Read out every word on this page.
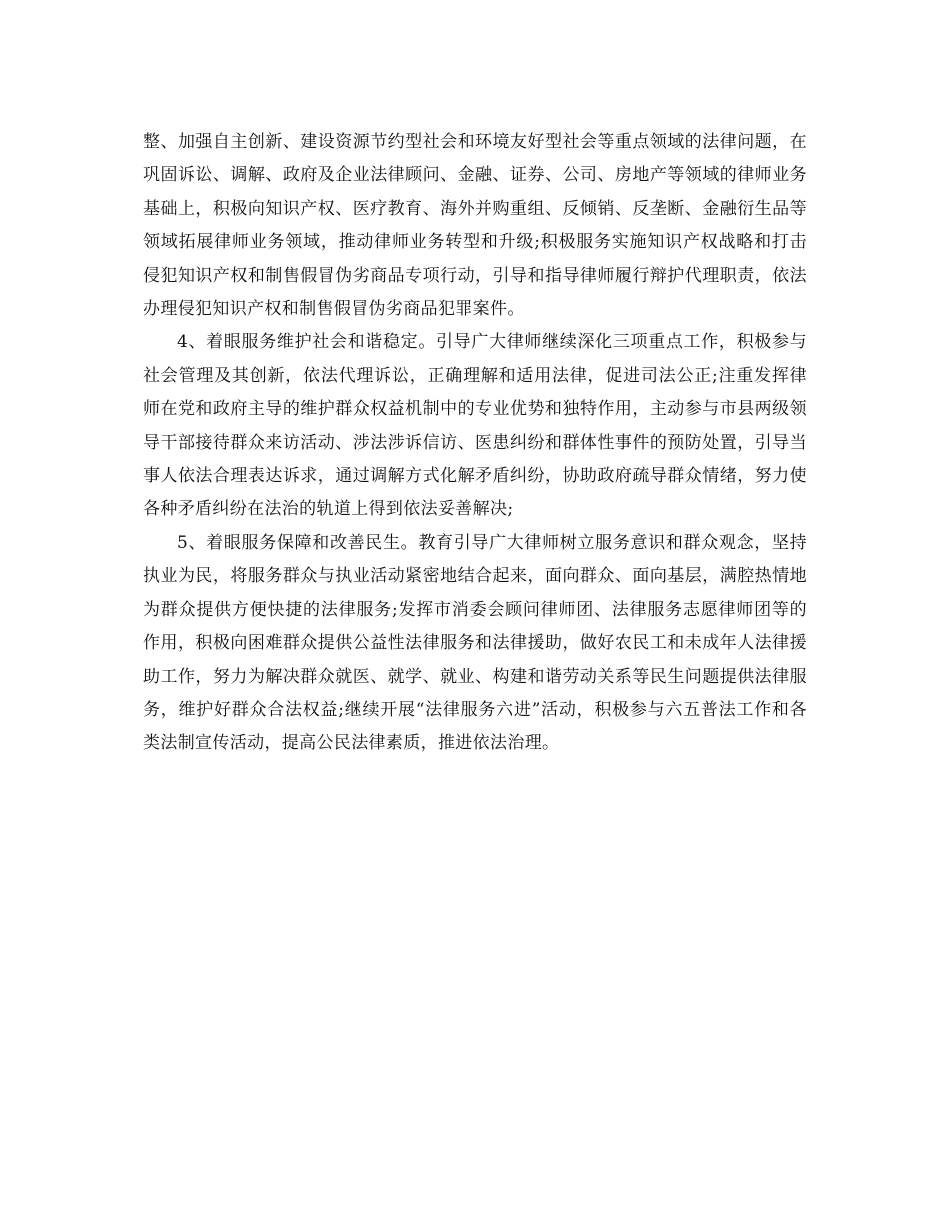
整、加强自主创新、建设资源节约型社会和环境友好型社会等重点领域的法律问题，在巩固诉讼、调解、政府及企业法律顾问、金融、证券、公司、房地产等领域的律师业务基础上，积极向知识产权、医疗教育、海外并购重组、反倾销、反垄断、金融衍生品等领域拓展律师业务领域，推动律师业务转型和升级;积极服务实施知识产权战略和打击侵犯知识产权和制售假冒伪劣商品专项行动，引导和指导律师履行辩护代理职责，依法办理侵犯知识产权和制售假冒伪劣商品犯罪案件。

4、着眼服务维护社会和谐稳定。引导广大律师继续深化三项重点工作，积极参与社会管理及其创新，依法代理诉讼，正确理解和适用法律，促进司法公正;注重发挥律师在党和政府主导的维护群众权益机制中的专业优势和独特作用，主动参与市县两级领导干部接待群众来访活动、涉法涉诉信访、医患纠纷和群体性事件的预防处置，引导当事人依法合理表达诉求，通过调解方式化解矛盾纠纷，协助政府疏导群众情绪，努力使各种矛盾纠纷在法治的轨道上得到依法妥善解决;

5、着眼服务保障和改善民生。教育引导广大律师树立服务意识和群众观念，坚持执业为民，将服务群众与执业活动紧密地结合起来，面向群众、面向基层，满腔热情地为群众提供方便快捷的法律服务;发挥市消委会顾问律师团、法律服务志愿律师团等的作用，积极向困难群众提供公益性法律服务和法律援助，做好农民工和未成年人法律援助工作，努力为解决群众就医、就学、就业、构建和谐劳动关系等民生问题提供法律服务，维护好群众合法权益;继续开展“法律服务六进”活动，积极参与六五普法工作和各类法制宣传活动，提高公民法律素质，推进依法治理。
